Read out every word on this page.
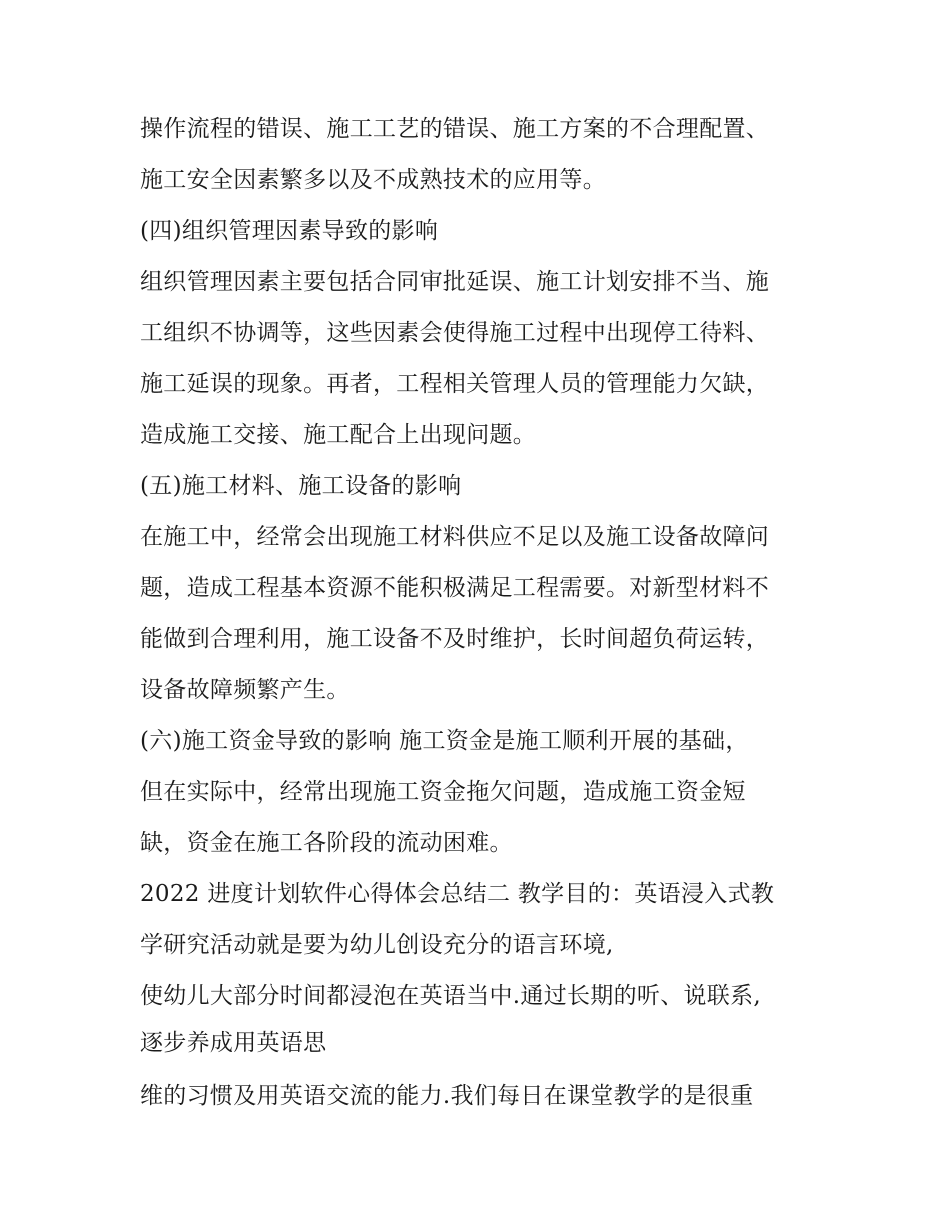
操作流程的错误、施工工艺的错误、施工方案的不合理配置、
施工安全因素繁多以及不成熟技术的应用等。
(四)组织管理因素导致的影响
组织管理因素主要包括合同审批延误、施工计划安排不当、施
工组织不协调等，这些因素会使得施工过程中出现停工待料、
施工延误的现象。再者，工程相关管理人员的管理能力欠缺，
造成施工交接、施工配合上出现问题。
(五)施工材料、施工设备的影响
在施工中，经常会出现施工材料供应不足以及施工设备故障问
题，造成工程基本资源不能积极满足工程需要。对新型材料不
能做到合理利用，施工设备不及时维护，长时间超负荷运转，
设备故障频繁产生。
(六)施工资金导致的影响 施工资金是施工顺利开展的基础，
但在实际中，经常出现施工资金拖欠问题，造成施工资金短
缺，资金在施工各阶段的流动困难。
2022 进度计划软件心得体会总结二 教学目的：英语浸入式教
学研究活动就是要为幼儿创设充分的语言环境,
使幼儿大部分时间都浸泡在英语当中.通过长期的听、说联系,
逐步养成用英语思
维的习惯及用英语交流的能力.我们每日在课堂教学的是很重
